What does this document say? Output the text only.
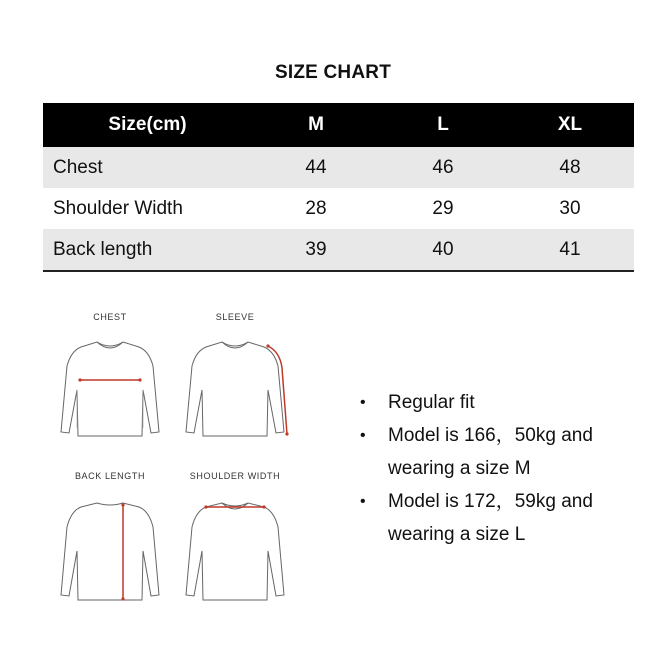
SIZE CHART
Size(cm)	M	L	XL
Chest	44	46	48
Shoulder Width	28	29	30
Back length	39	40	41
CHEST	SLEEVE
BACK LENGTH	SHOULDER WIDTH
• Regular fit
• Model is 166，50kg and wearing a size M
• Model is 172，59kg and wearing a size L
